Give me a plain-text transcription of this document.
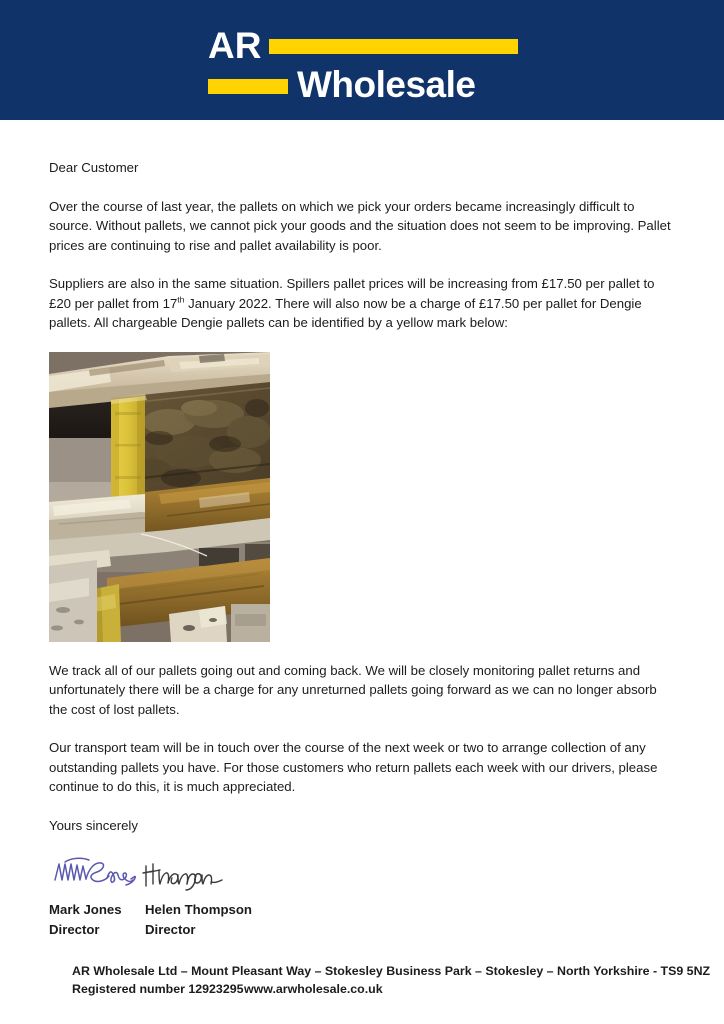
AR
Wholesale

Dear Customer

Over the course of last year, the pallets on which we pick your orders became increasingly difficult to source. Without pallets, we cannot pick your goods and the situation does not seem to be improving. Pallet prices are continuing to rise and pallet availability is poor.

Suppliers are also in the same situation. Spillers pallet prices will be increasing from £17.50 per pallet to £20 per pallet from 17th January 2022. There will also now be a charge of £17.50 per pallet for Dengie pallets. All chargeable Dengie pallets can be identified by a yellow mark below:

We track all of our pallets going out and coming back. We will be closely monitoring pallet returns and unfortunately there will be a charge for any unreturned pallets going forward as we can no longer absorb the cost of lost pallets.

Our transport team will be in touch over the course of the next week or two to arrange collection of any outstanding pallets you have. For those customers who return pallets each week with our drivers, please continue to do this, it is much appreciated.

Yours sincerely

Mark Jones
Director
Helen Thompson
Director
AR Wholesale Ltd – Mount Pleasant Way – Stokesley Business Park – Stokesley – North Yorkshire - TS9 5NZ
Registered number 12923295 www.arwholesale.co.uk
